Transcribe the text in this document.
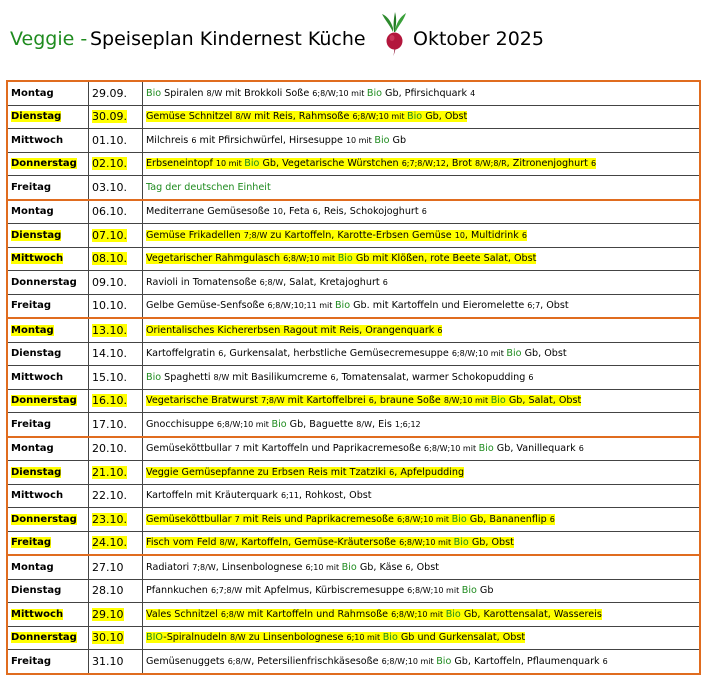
Veggie - Speiseplan Kindernest Küche Oktober 2025
Montag	29.09.	Bio Spiralen 8/W mit Brokkoli Soße 6;8/W;10 mit Bio Gb, Pfirsichquark 4
Dienstag	30.09.	Gemüse Schnitzel 8/W mit Reis, Rahmsoße 6;8/W;10 mit Bio Gb, Obst
Mittwoch	01.10.	Milchreis 6 mit Pfirsichwürfel, Hirsesuppe 10 mit Bio Gb
Donnerstag	02.10.	Erbseneintopf 10 mit Bio Gb, Vegetarische Würstchen 6;7;8/W;12, Brot 8/W;8/R, Zitronenjoghurt 6
Freitag	03.10.	Tag der deutschen Einheit
Montag	06.10.	Mediterrane Gemüsesoße 10, Feta 6, Reis, Schokojoghurt 6
Dienstag	07.10.	Gemüse Frikadellen 7;8/W zu Kartoffeln, Karotte-Erbsen Gemüse 10, Multidrink 6
Mittwoch	08.10.	Vegetarischer Rahmgulasch 6;8/W;10 mit Bio Gb mit Klößen, rote Beete Salat, Obst
Donnerstag	09.10.	Ravioli in Tomatensoße 6;8/W, Salat, Kretajoghurt 6
Freitag	10.10.	Gelbe Gemüse-Senfsoße 6;8/W;10;11 mit Bio Gb. mit Kartoffeln und Eieromelette 6;7, Obst
Montag	13.10.	Orientalisches Kichererbsen Ragout mit Reis, Orangenquark 6
Dienstag	14.10.	Kartoffelgratin 6, Gurkensalat, herbstliche Gemüsecremesuppe 6;8/W;10 mit Bio Gb, Obst
Mittwoch	15.10.	Bio Spaghetti 8/W mit Basilikumcreme 6, Tomatensalat, warmer Schokopudding 6
Donnerstag	16.10.	Vegetarische Bratwurst 7;8/W mit Kartoffelbrei 6, braune Soße 8/W;10 mit Bio Gb, Salat, Obst
Freitag	17.10.	Gnocchisuppe 6;8/W;10 mit Bio Gb, Baguette 8/W, Eis 1;6;12
Montag	20.10.	Gemüseköttbullar 7 mit Kartoffeln und Paprikacremesoße 6;8/W;10 mit Bio Gb, Vanillequark 6
Dienstag	21.10.	Veggie Gemüsepfanne zu Erbsen Reis mit Tzatziki 6, Apfelpudding
Mittwoch	22.10.	Kartoffeln mit Kräuterquark 6;11, Rohkost, Obst
Donnerstag	23.10.	Gemüseköttbullar 7 mit Reis und Paprikacremesoße 6;8/W;10 mit Bio Gb, Bananenflip 6
Freitag	24.10.	Fisch vom Feld 8/W, Kartoffeln, Gemüse-Kräutersoße 6;8/W;10 mit Bio Gb, Obst
Montag	27.10	Radiatori 7;8/W, Linsenbolognese 6;10 mit Bio Gb, Käse 6, Obst
Dienstag	28.10	Pfannkuchen 6;7;8/W mit Apfelmus, Kürbiscremesuppe 6;8/W;10 mit Bio Gb
Mittwoch	29.10	Vales Schnitzel 6;8/W mit Kartoffeln und Rahmsoße 6;8/W;10 mit Bio Gb, Karottensalat, Wassereis
Donnerstag	30.10	BIO-Spiralnudeln 8/W zu Linsenbolognese 6;10 mit Bio Gb und Gurkensalat, Obst
Freitag	31.10	Gemüsenuggets 6;8/W, Petersilienfrischkäsesoße 6;8/W;10 mit Bio Gb, Kartoffeln, Pflaumenquark 6
